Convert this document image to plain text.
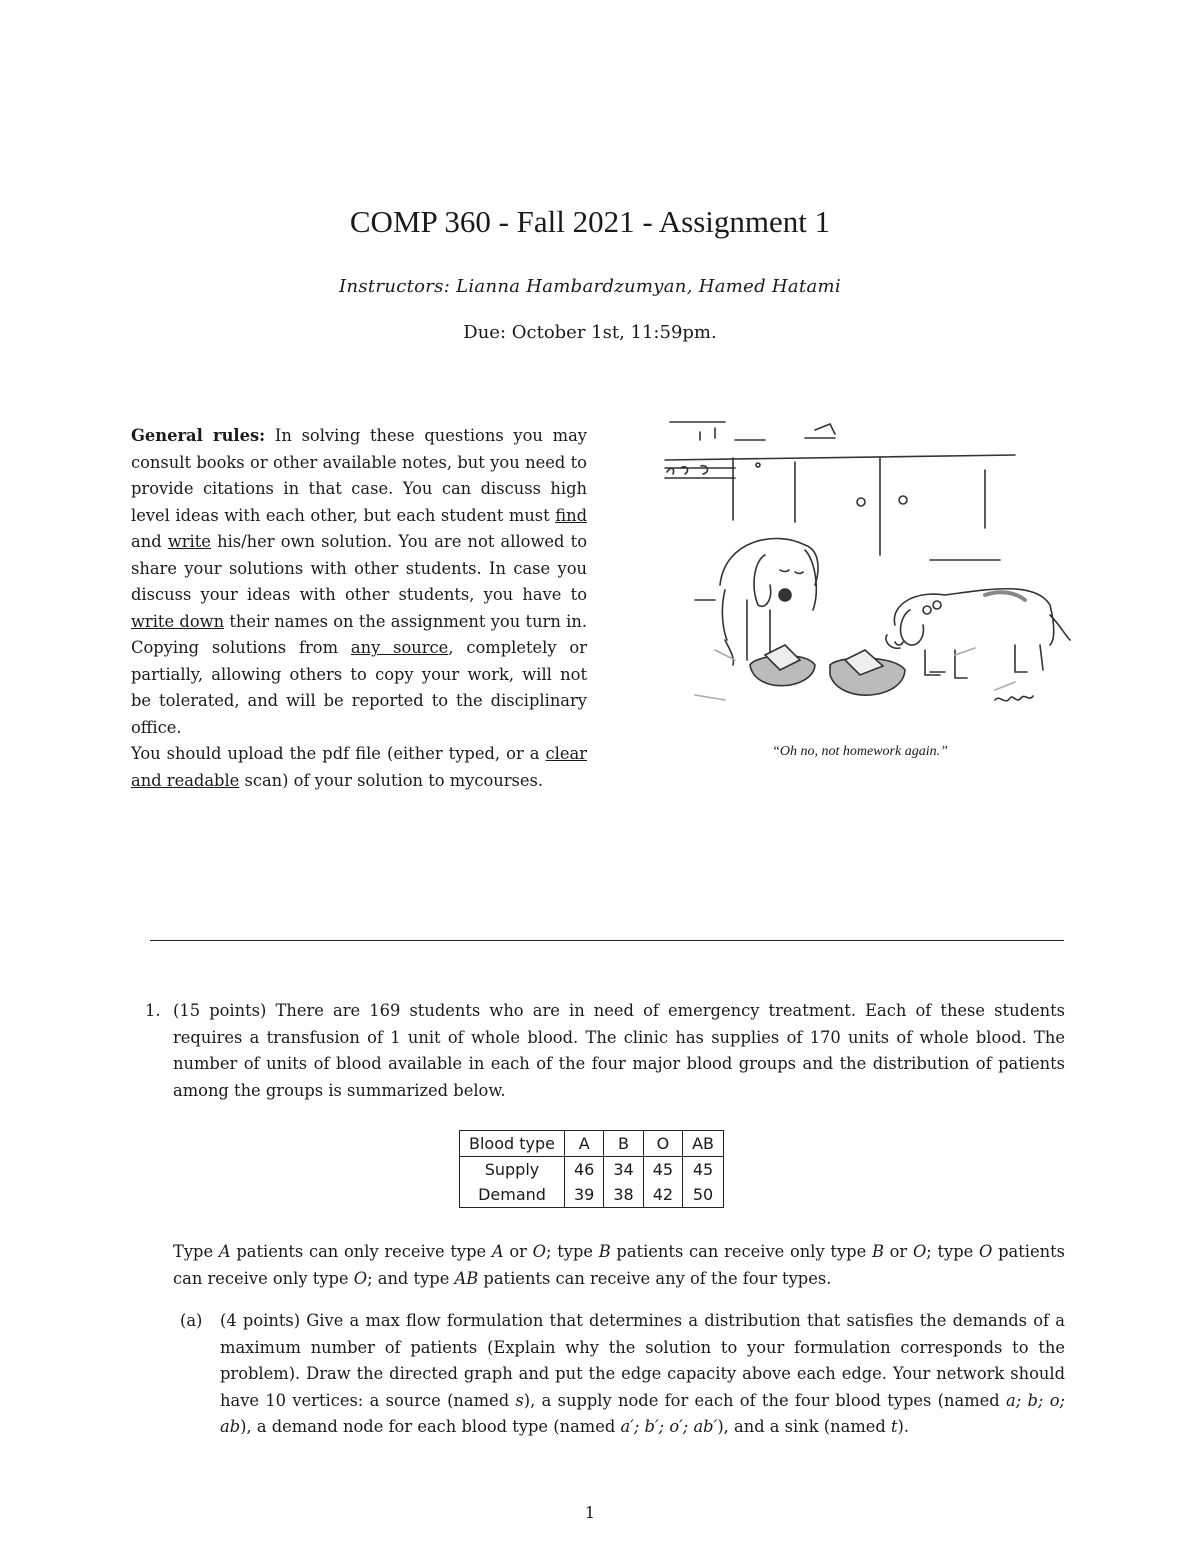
COMP 360 - Fall 2021 - Assignment 1
Instructors: Lianna Hambardzumyan, Hamed Hatami
Due: October 1st, 11:59pm.
General rules: In solving these questions you may consult books or other available notes, but you need to provide citations in that case. You can discuss high level ideas with each other, but each student must find and write his/her own solution. You are not allowed to share your solutions with other students. In case you discuss your ideas with other students, you have to write down their names on the assignment you turn in. Copying solutions from any source, completely or partially, allowing others to copy your work, will not be tolerated, and will be reported to the disciplinary office.
You should upload the pdf file (either typed, or a clear and readable scan) of your solution to mycourses.
“Oh no, not homework again.”
1. (15 points) There are 169 students who are in need of emergency treatment. Each of these students requires a transfusion of 1 unit of whole blood. The clinic has supplies of 170 units of whole blood. The number of units of blood available in each of the four major blood groups and the distribution of patients among the groups is summarized below.
Blood type	A	B	O	AB
Supply	46	34	45	45
Demand	39	38	42	50
Type A patients can only receive type A or O; type B patients can receive only type B or O; type O patients can receive only type O; and type AB patients can receive any of the four types.
(a) (4 points) Give a max flow formulation that determines a distribution that satisfies the demands of a maximum number of patients (Explain why the solution to your formulation corresponds to the problem). Draw the directed graph and put the edge capacity above each edge. Your network should have 10 vertices: a source (named s), a supply node for each of the four blood types (named a; b; o; ab), a demand node for each blood type (named a′; b′; o′; ab′), and a sink (named t).
1
